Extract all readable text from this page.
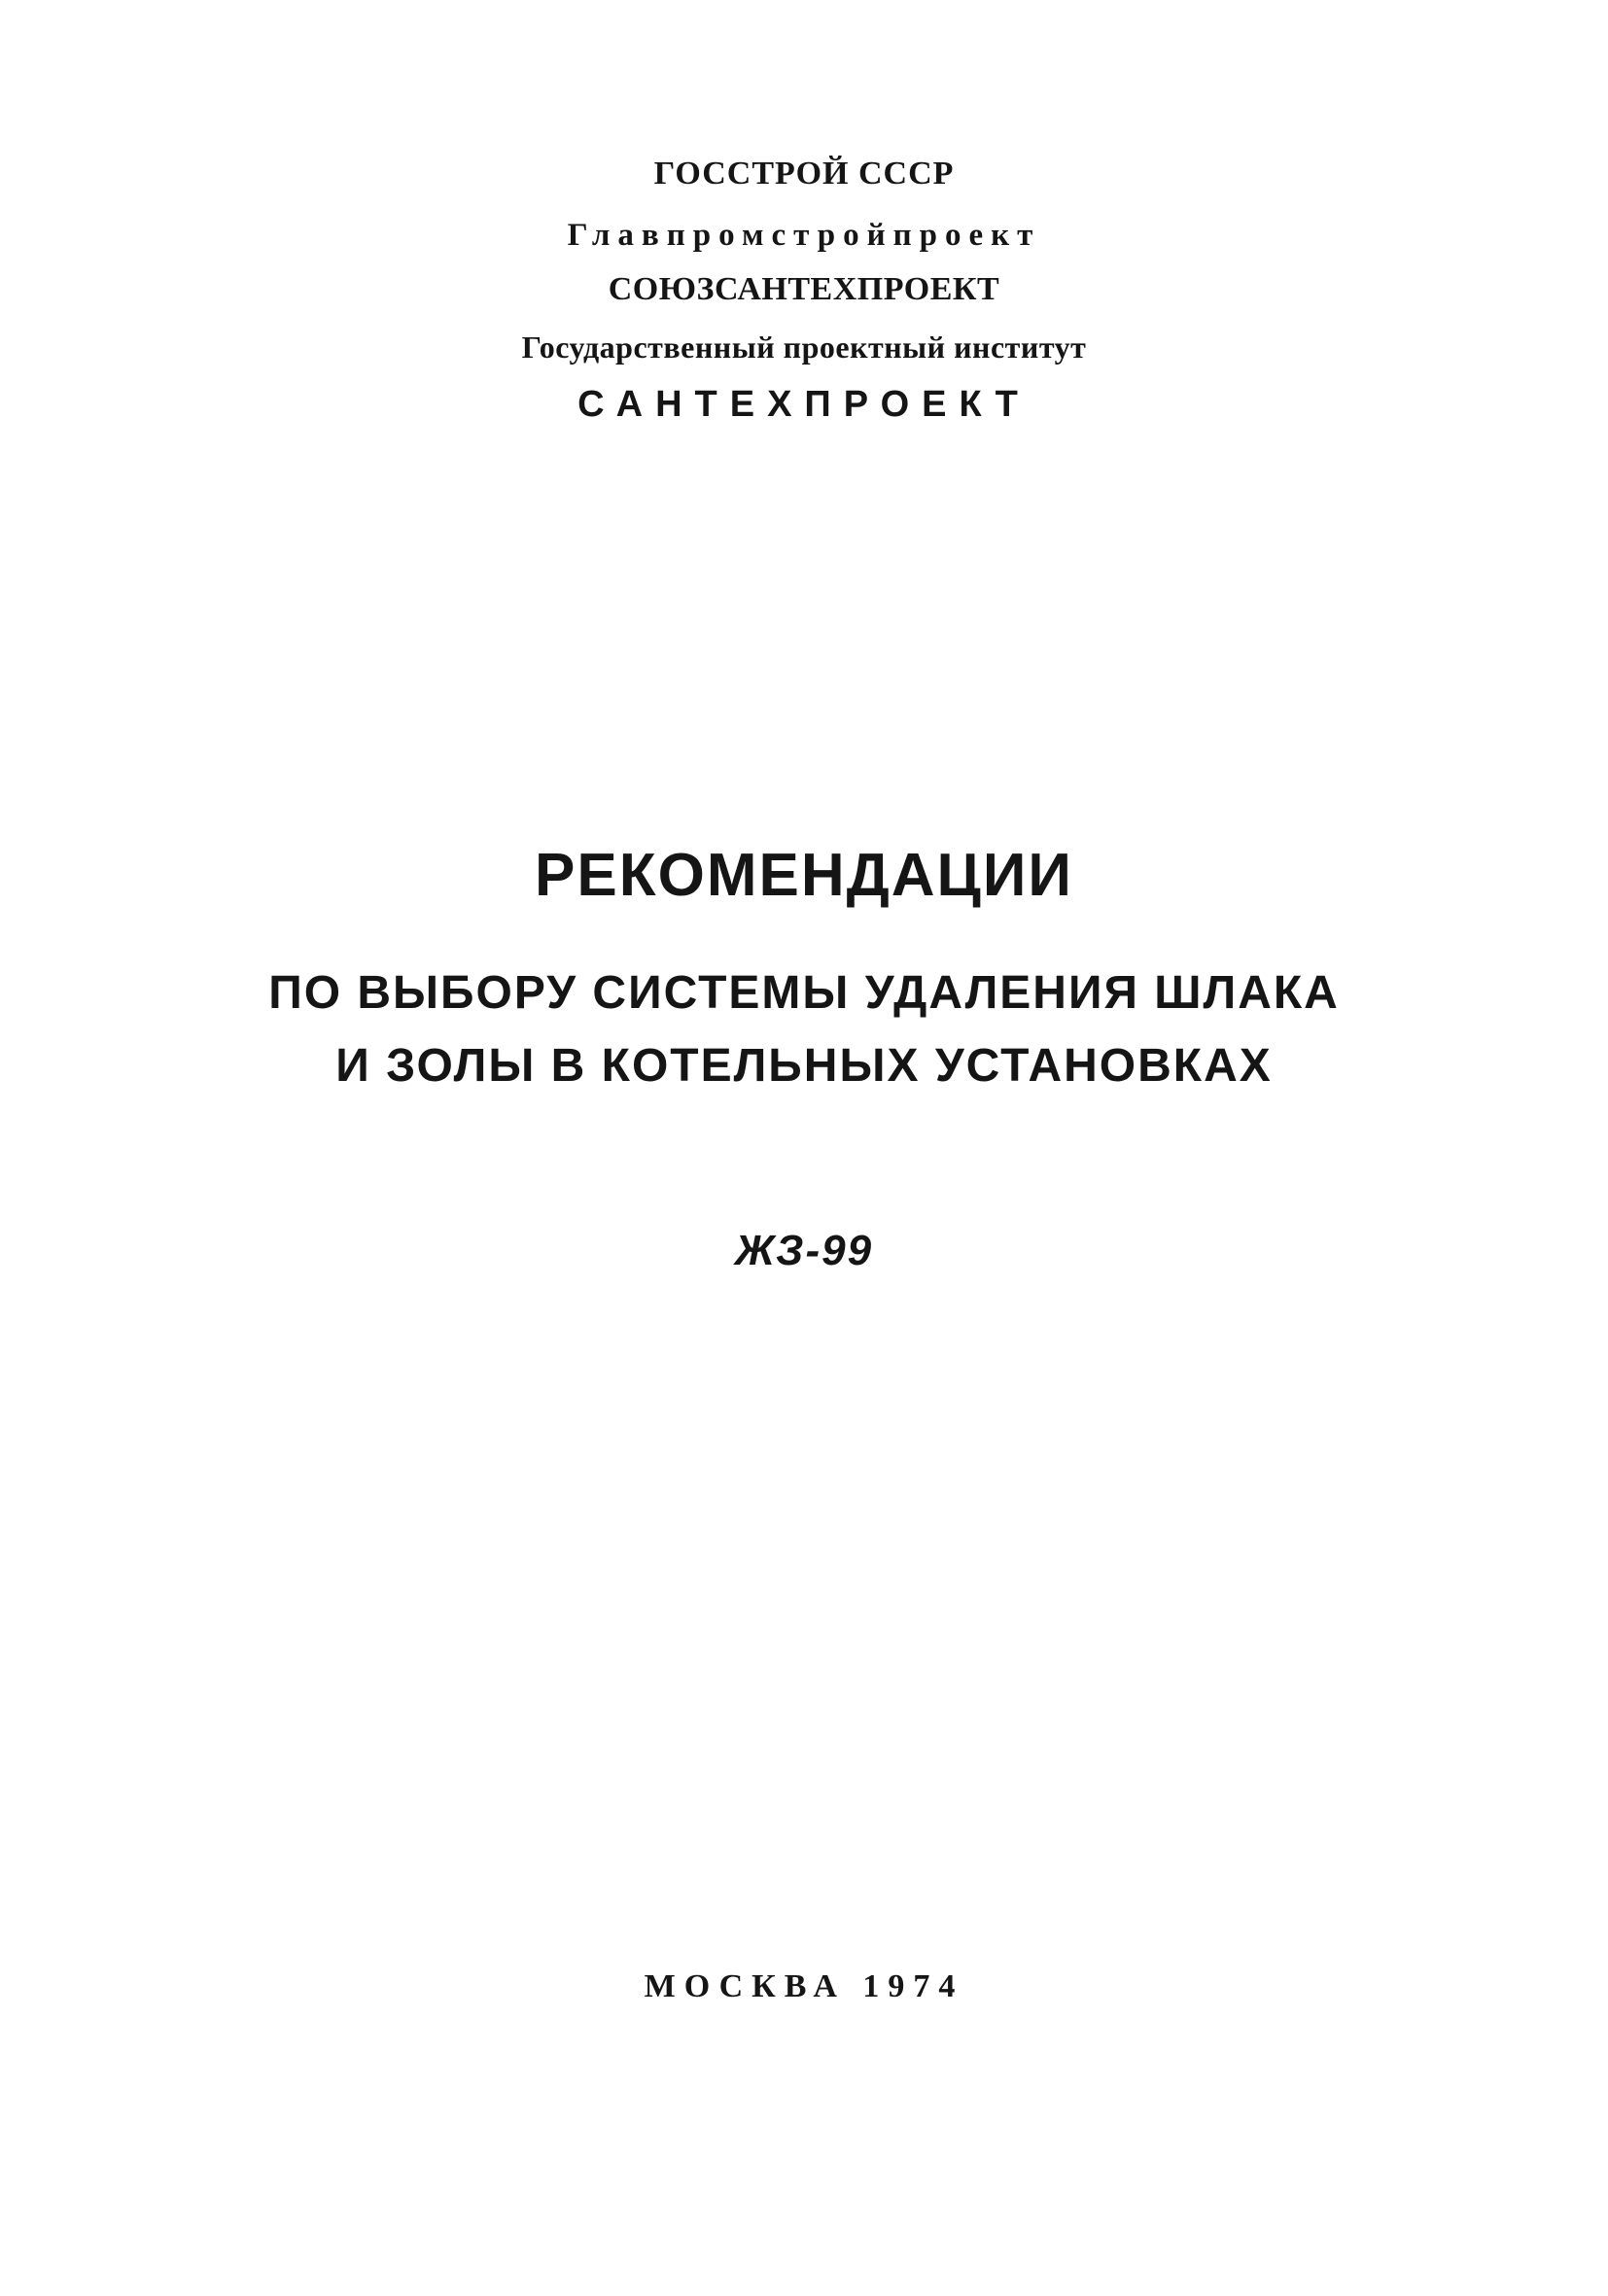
ГОССТРОЙ СССР
Главпромстройпроект
СОЮЗСАНТЕХПРОЕКТ
Государственный проектный институт
САНТЕХПРОЕКТ
РЕКОМЕНДАЦИИ
ПО ВЫБОРУ СИСТЕМЫ УДАЛЕНИЯ ШЛАКА
И ЗОЛЫ В КОТЕЛЬНЫХ УСТАНОВКАХ
ЖЗ-99
МОСКВА 1974
